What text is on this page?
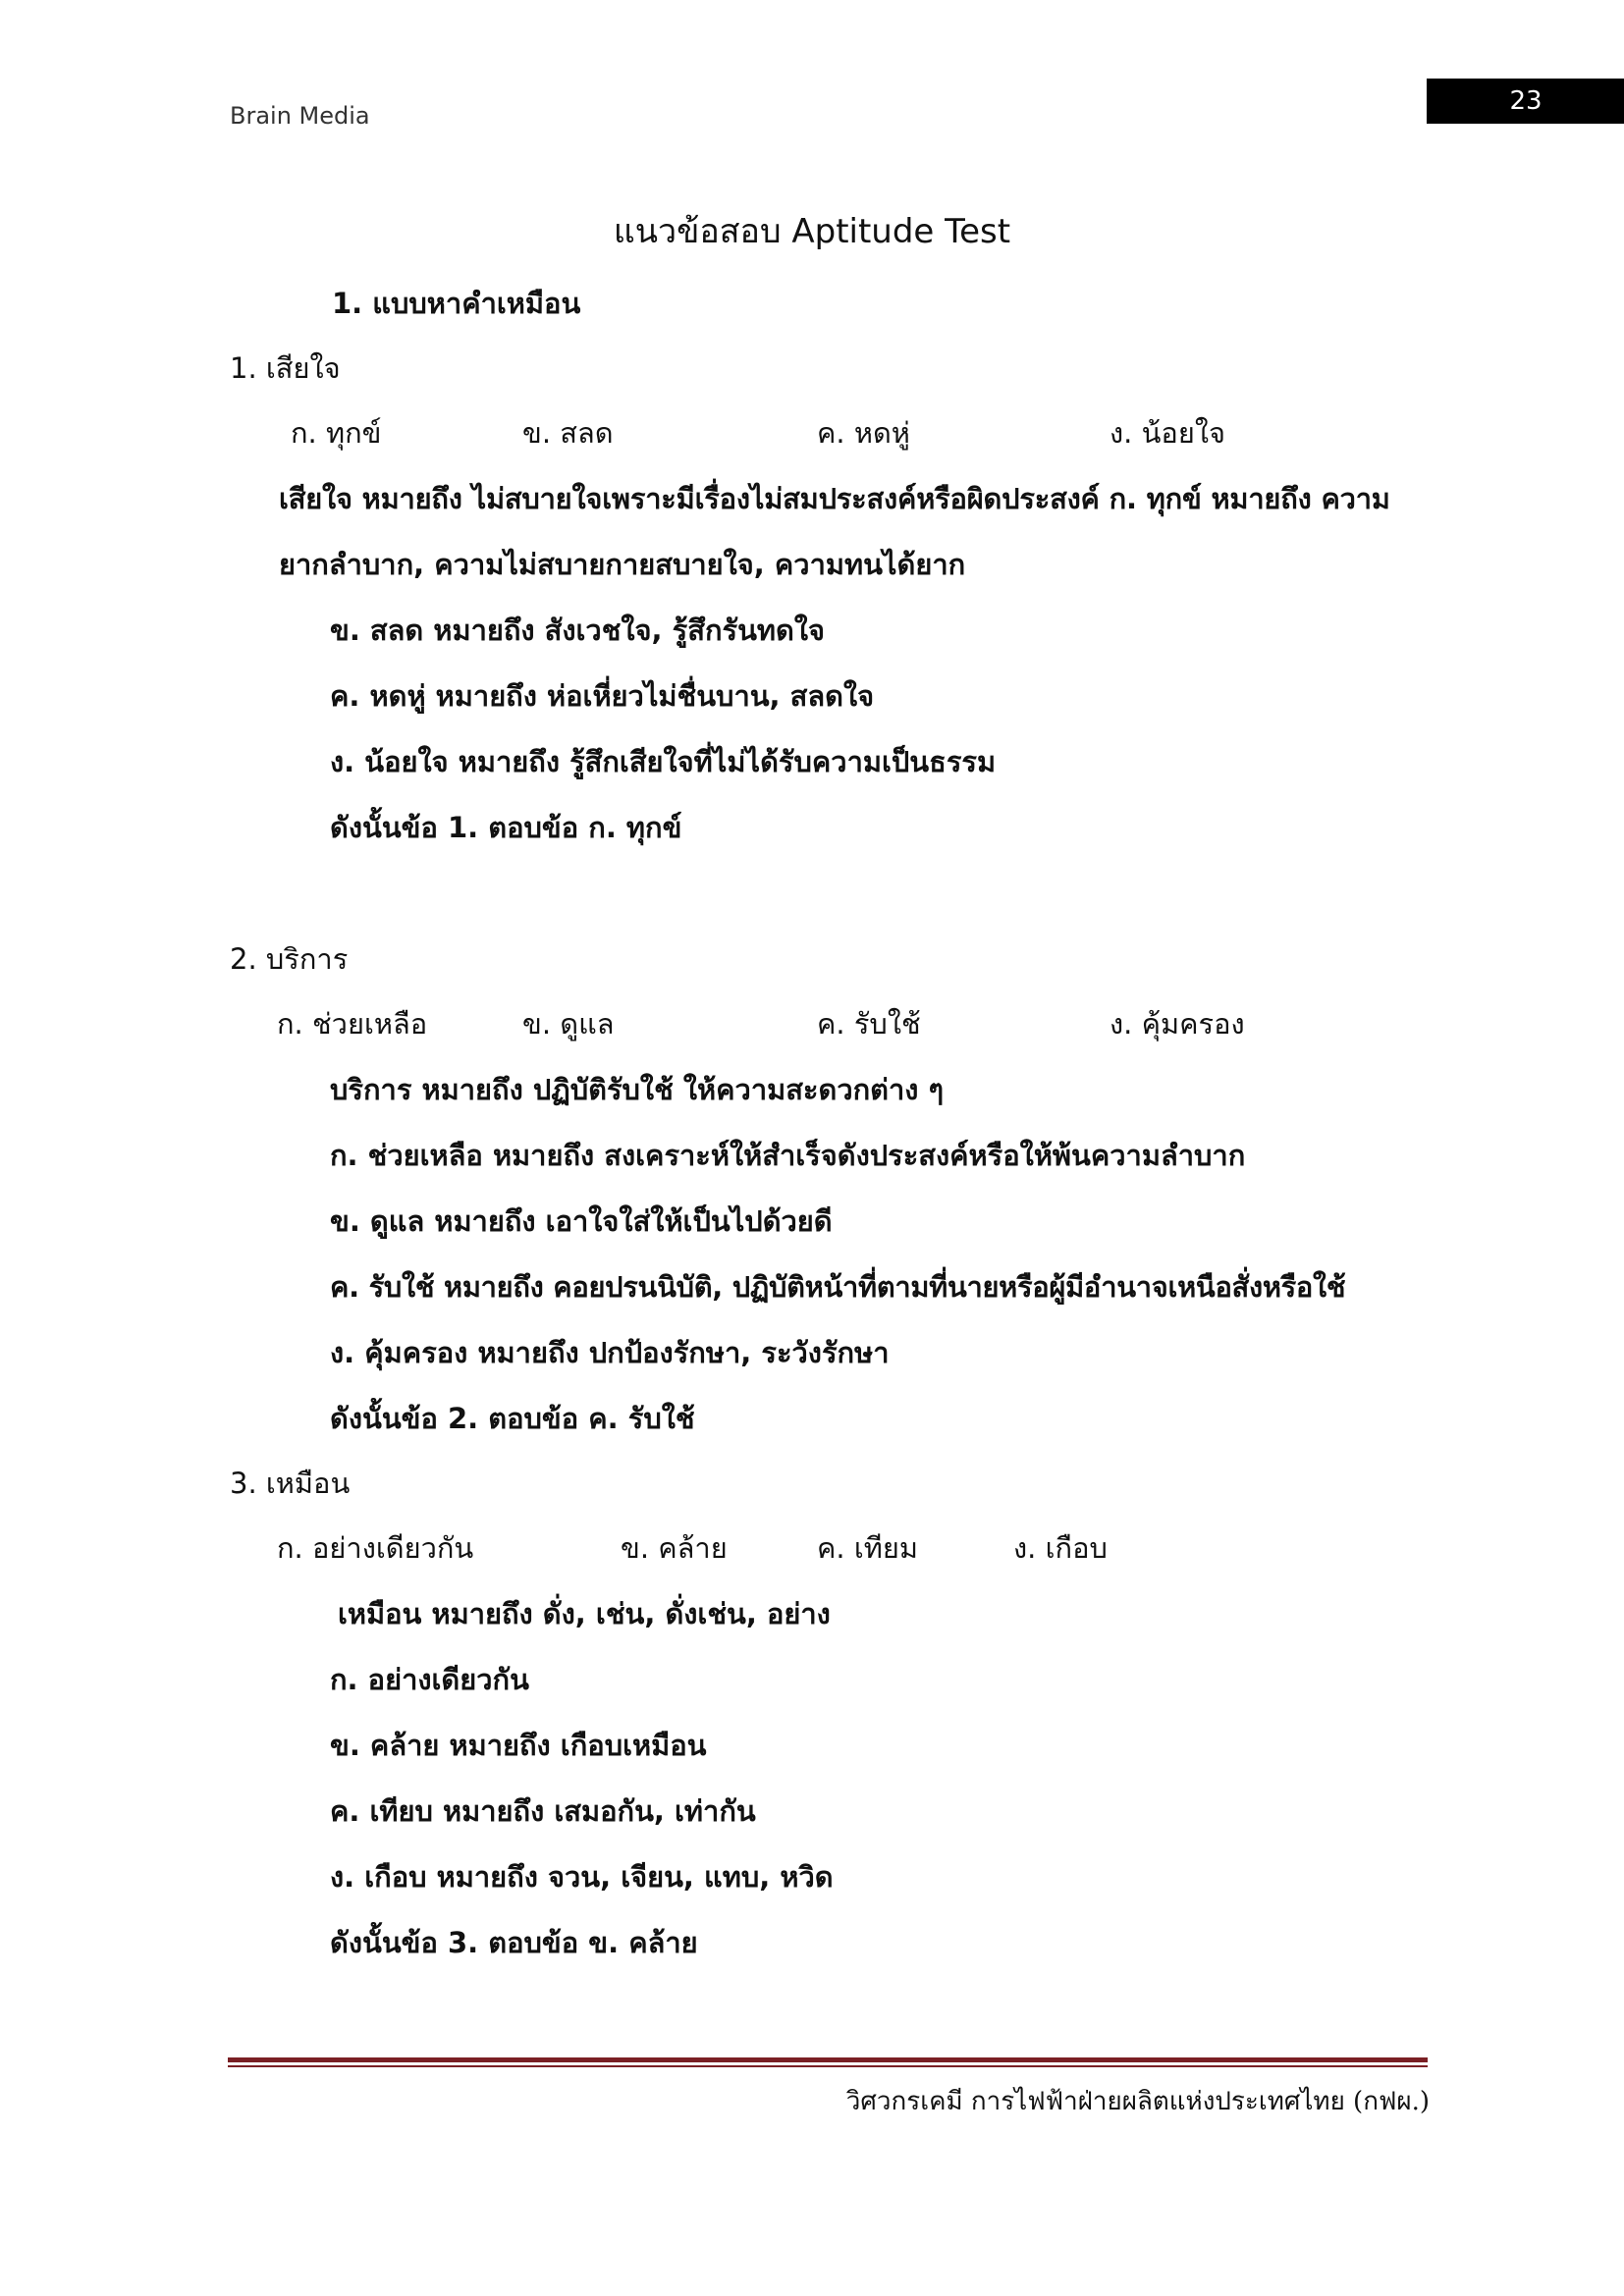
Brain Media	23
แนวข้อสอบ Aptitude Test
1. แบบหาคำเหมือน
1. เสียใจ
ก. ทุกข์	ข. สลด	ค. หดหู่	ง. น้อยใจ
เสียใจ หมายถึง ไม่สบายใจเพราะมีเรื่องไม่สมประสงค์หรือผิดประสงค์ ก. ทุกข์ หมายถึง ความ
ยากลำบาก, ความไม่สบายกายสบายใจ, ความทนได้ยาก
ข. สลด หมายถึง สังเวชใจ, รู้สึกรันทดใจ
ค. หดหู่ หมายถึง ห่อเหี่ยวไม่ชื่นบาน, สลดใจ
ง. น้อยใจ หมายถึง รู้สึกเสียใจที่ไม่ได้รับความเป็นธรรม
ดังนั้นข้อ 1. ตอบข้อ ก. ทุกข์
2. บริการ
ก. ช่วยเหลือ	ข. ดูแล	ค. รับใช้	ง. คุ้มครอง
บริการ หมายถึง ปฏิบัติรับใช้ ให้ความสะดวกต่าง ๆ
ก. ช่วยเหลือ หมายถึง สงเคราะห์ให้สำเร็จดังประสงค์หรือให้พ้นความลำบาก
ข. ดูแล หมายถึง เอาใจใส่ให้เป็นไปด้วยดี
ค. รับใช้ หมายถึง คอยปรนนิบัติ, ปฏิบัติหน้าที่ตามที่นายหรือผู้มีอำนาจเหนือสั่งหรือใช้
ง. คุ้มครอง หมายถึง ปกป้องรักษา, ระวังรักษา
ดังนั้นข้อ 2. ตอบข้อ ค. รับใช้
3. เหมือน
ก. อย่างเดียวกัน	ข. คล้าย	ค. เทียม	ง. เกือบ
เหมือน หมายถึง ดั่ง, เช่น, ดั่งเช่น, อย่าง
ก. อย่างเดียวกัน
ข. คล้าย หมายถึง เกือบเหมือน
ค. เทียบ หมายถึง เสมอกัน, เท่ากัน
ง. เกือบ หมายถึง จวน, เจียน, แทบ, หวิด
ดังนั้นข้อ 3. ตอบข้อ ข. คล้าย
วิศวกรเคมี การไฟฟ้าฝ่ายผลิตแห่งประเทศไทย (กฟผ.)
